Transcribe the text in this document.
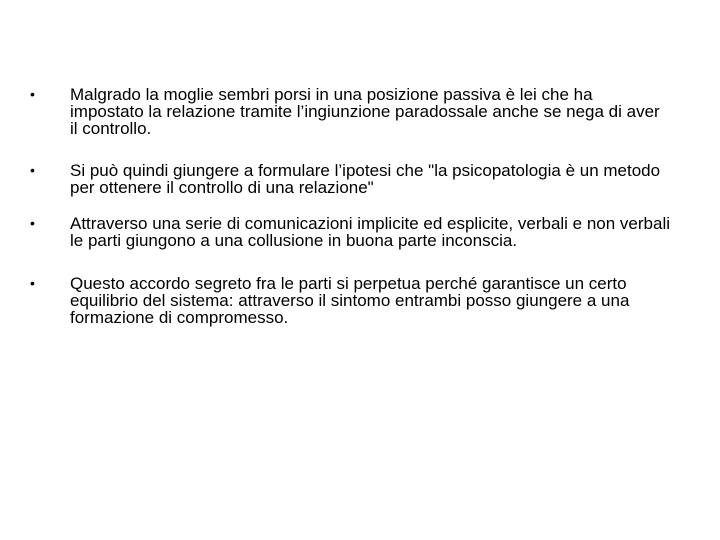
•	Malgrado la moglie sembri porsi in una posizione passiva è lei che ha impostato la relazione tramite l’ingiunzione paradossale anche se nega di aver il controllo.
•	Si può quindi giungere a formulare l’ipotesi che "la psicopatologia è un metodo per ottenere il controllo di una relazione"
•	Attraverso una serie di comunicazioni implicite ed esplicite, verbali e non verbali le parti giungono a una collusione in buona parte inconscia.
•	Questo accordo segreto fra le parti si perpetua perché garantisce un certo equilibrio del sistema: attraverso il sintomo entrambi posso giungere a una formazione di compromesso.
